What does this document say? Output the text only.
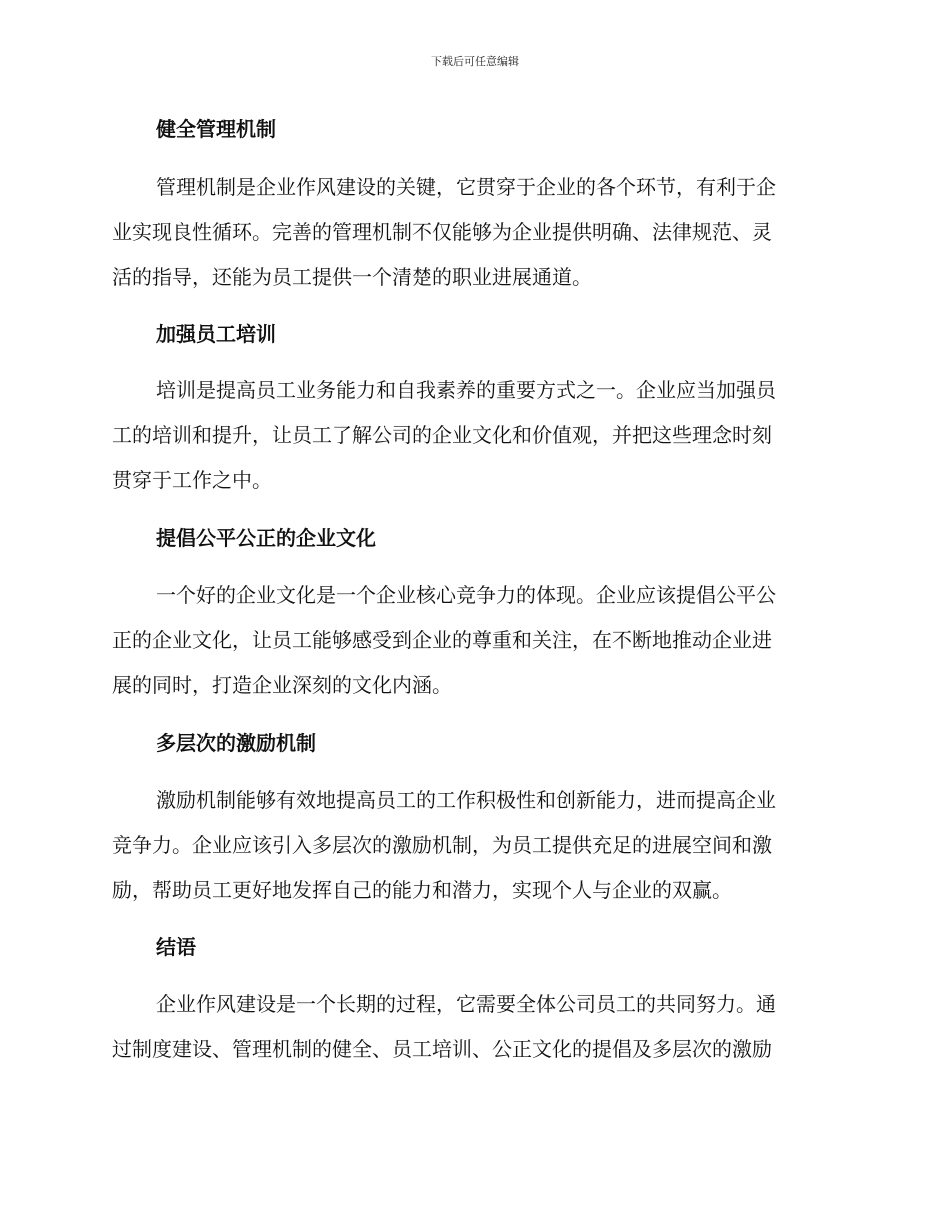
下载后可任意编辑
健全管理机制
管理机制是企业作风建设的关键，它贯穿于企业的各个环节，有利于企
业实现良性循环。完善的管理机制不仅能够为企业提供明确、法律规范、灵
活的指导，还能为员工提供一个清楚的职业进展通道。
加强员工培训
培训是提高员工业务能力和自我素养的重要方式之一。企业应当加强员
工的培训和提升，让员工了解公司的企业文化和价值观，并把这些理念时刻
贯穿于工作之中。
提倡公平公正的企业文化
一个好的企业文化是一个企业核心竞争力的体现。企业应该提倡公平公
正的企业文化，让员工能够感受到企业的尊重和关注，在不断地推动企业进
展的同时，打造企业深刻的文化内涵。
多层次的激励机制
激励机制能够有效地提高员工的工作积极性和创新能力，进而提高企业
竞争力。企业应该引入多层次的激励机制，为员工提供充足的进展空间和激
励，帮助员工更好地发挥自己的能力和潜力，实现个人与企业的双赢。
结语
企业作风建设是一个长期的过程，它需要全体公司员工的共同努力。通
过制度建设、管理机制的健全、员工培训、公正文化的提倡及多层次的激励
